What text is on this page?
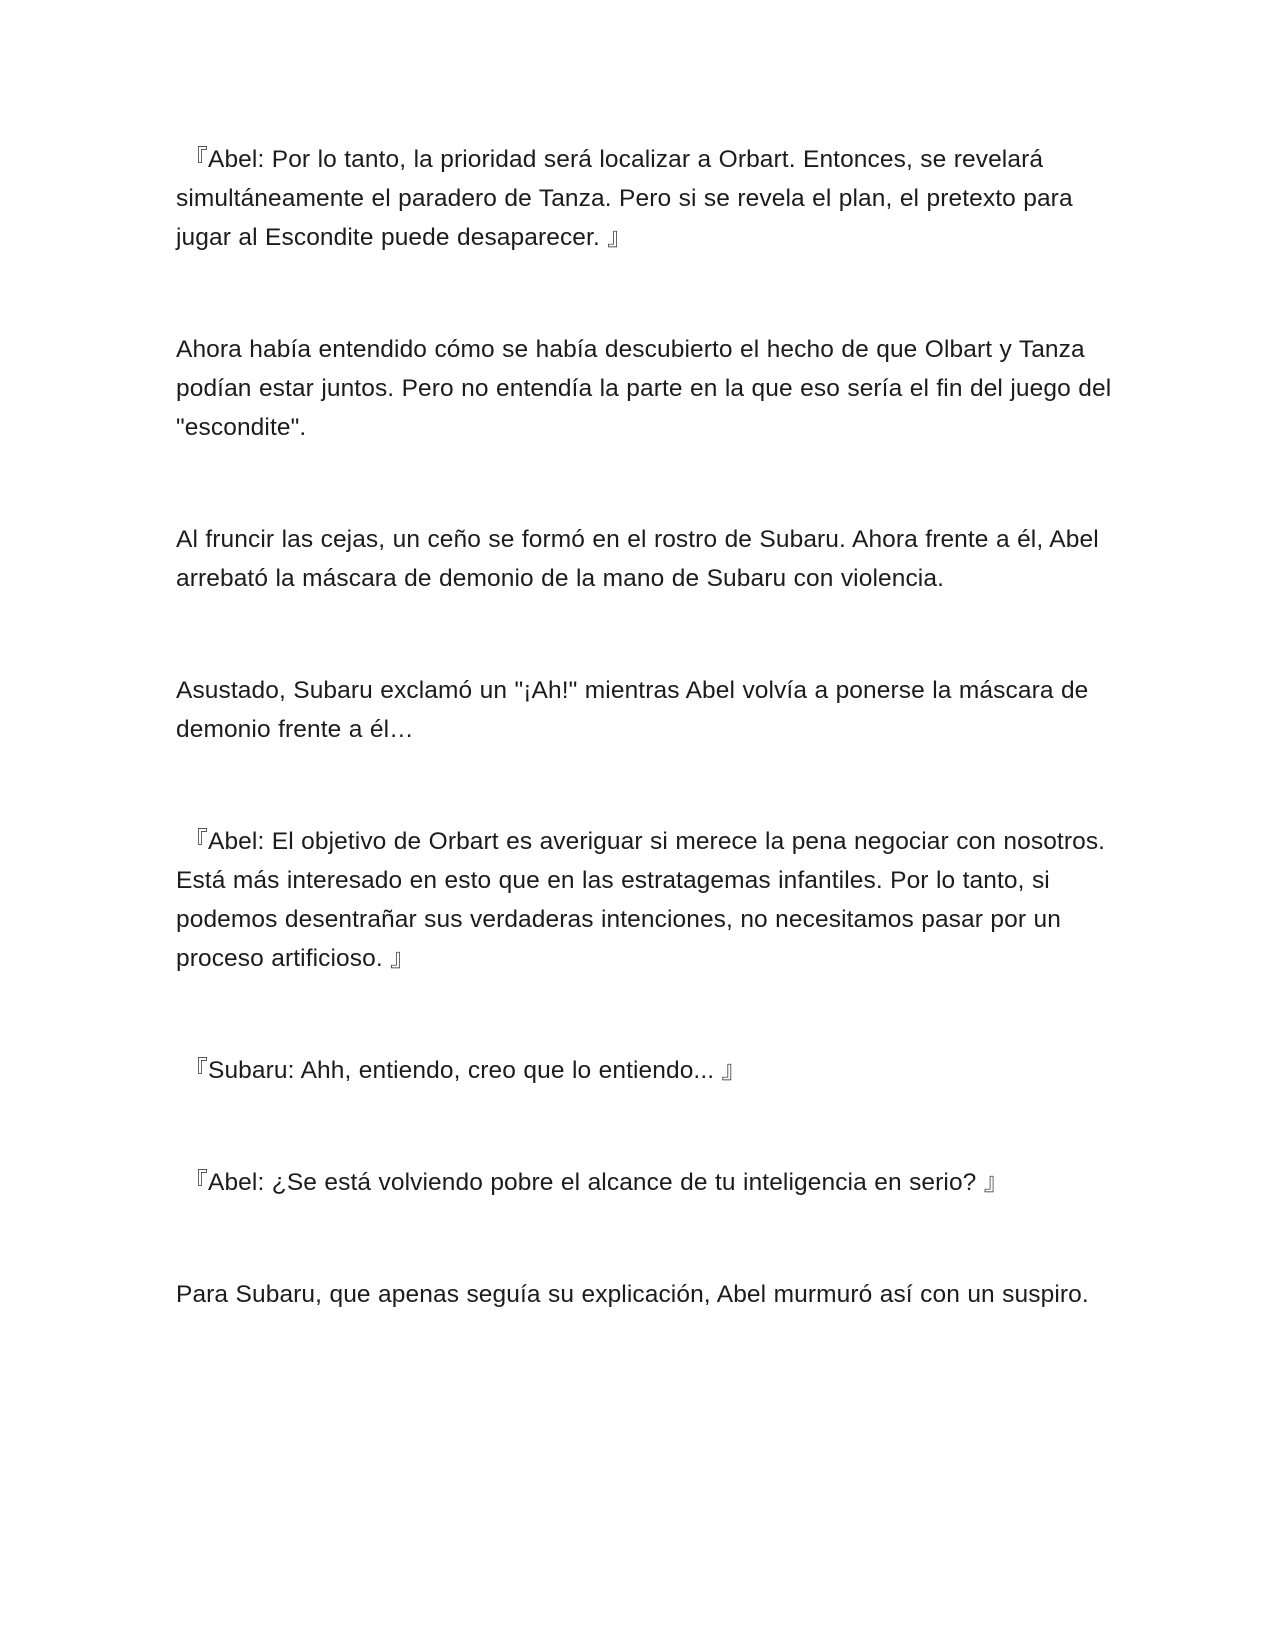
『Abel: Por lo tanto, la prioridad será localizar a Orbart. Entonces, se revelará simultáneamente el paradero de Tanza. Pero si se revela el plan, el pretexto para jugar al Escondite puede desaparecer. 』

Ahora había entendido cómo se había descubierto el hecho de que Olbart y Tanza podían estar juntos. Pero no entendía la parte en la que eso sería el fin del juego del "escondite".

Al fruncir las cejas, un ceño se formó en el rostro de Subaru. Ahora frente a él, Abel arrebató la máscara de demonio de la mano de Subaru con violencia.

Asustado, Subaru exclamó un "¡Ah!" mientras Abel volvía a ponerse la máscara de demonio frente a él…

『Abel: El objetivo de Orbart es averiguar si merece la pena negociar con nosotros. Está más interesado en esto que en las estratagemas infantiles. Por lo tanto, si podemos desentrañar sus verdaderas intenciones, no necesitamos pasar por un proceso artificioso. 』

『Subaru: Ahh, entiendo, creo que lo entiendo... 』

『Abel: ¿Se está volviendo pobre el alcance de tu inteligencia en serio? 』

Para Subaru, que apenas seguía su explicación, Abel murmuró así con un suspiro.
